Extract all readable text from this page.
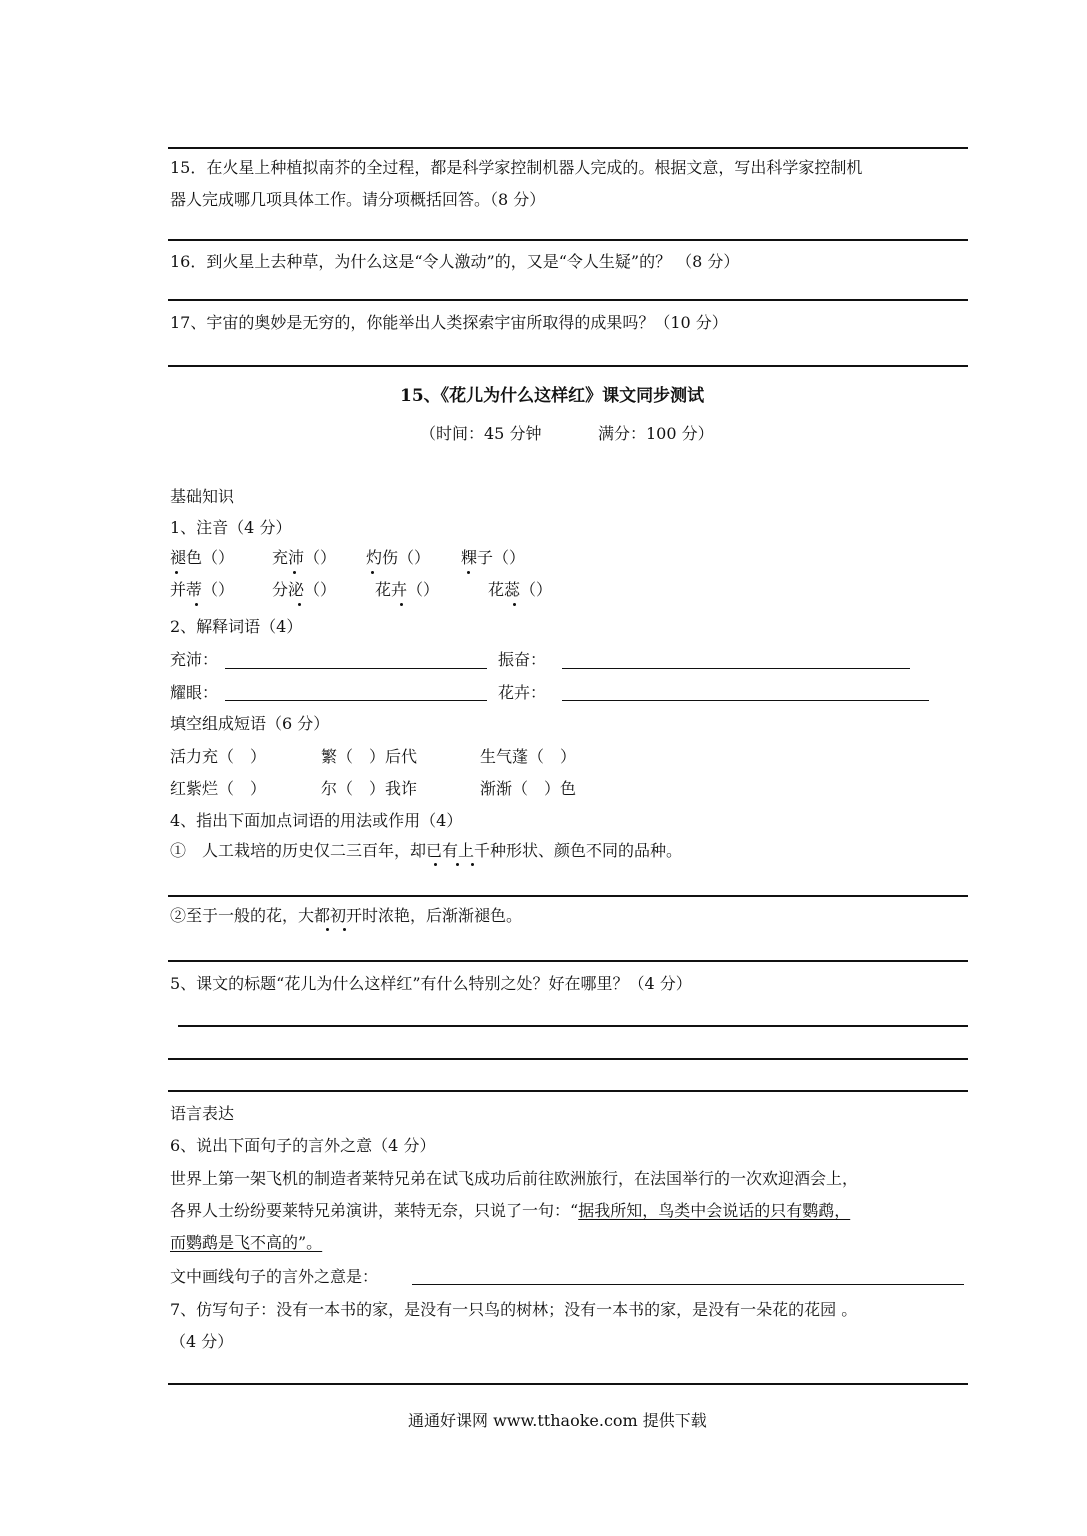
15．在火星上种植拟南芥的全过程，都是科学家控制机器人完成的。根据文意，写出科学家控制机
器人完成哪几项具体工作。请分项概括回答。（8 分）
16．到火星上去种草，为什么这是“令人激动”的，又是“令人生疑”的？ （8 分）
17、宇宙的奥妙是无穷的，你能举出人类探索宇宙所取得的成果吗？（10 分）
15、《花儿为什么这样红》课文同步测试
（时间：45 分钟	满分：100 分）
基础知识
1、注音（4 分）
褪色（） 充沛（） 灼伤（） 粿子（）
并蒂（） 分泌（） 花卉（）	花蕊（）
2、解释词语（4）
充沛：	振奋：
耀眼：	花卉：
填空组成短语（6 分）
活力充（　）	繁（　）后代	生气蓬（　）
红紫烂（　）	尔（　）我诈	渐渐（　）色
4、指出下面加点词语的用法或作用（4）
①　人工栽培的历史仅二三百年，却已有上千种形状、颜色不同的品种。
②至于一般的花，大都初开时浓艳，后渐渐褪色。
5、课文的标题“花儿为什么这样红”有什么特别之处？好在哪里？（4 分）
语言表达
6、说出下面句子的言外之意（4 分）
世界上第一架飞机的制造者莱特兄弟在试飞成功后前往欧洲旅行，在法国举行的一次欢迎酒会上，
各界人士纷纷要莱特兄弟演讲，莱特无奈，只说了一句：“据我所知，鸟类中会说话的只有鹦鹉，
而鹦鹉是飞不高的”。
文中画线句子的言外之意是：
7、仿写句子：没有一本书的家，是没有一只鸟的树林；没有一本书的家，是没有一朵花的花园 。
（4 分）
通通好课网 www.tthaoke.com 提供下载
